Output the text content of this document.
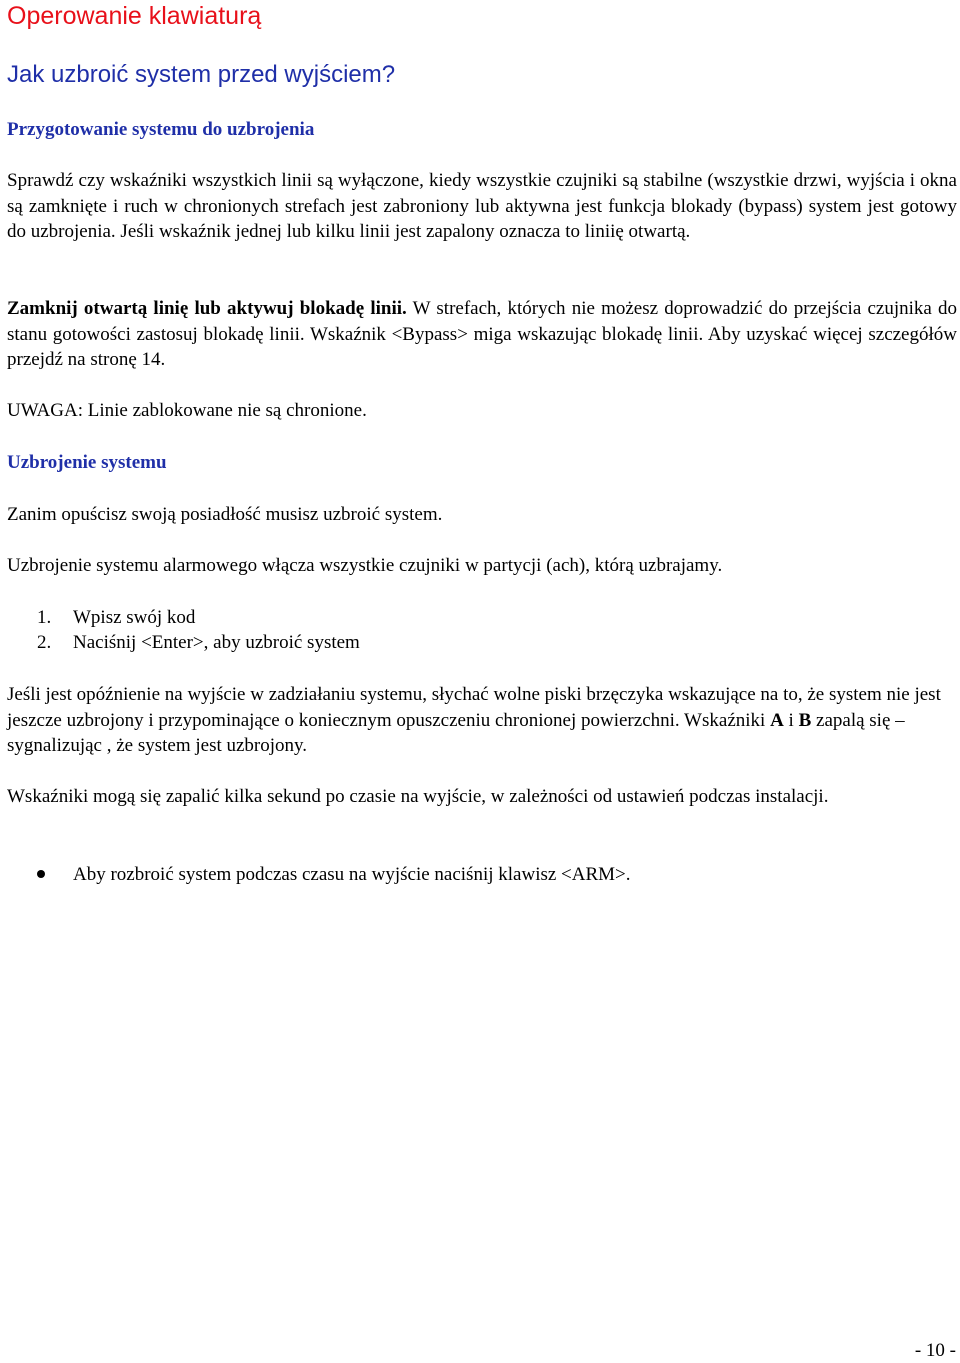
Operowanie klawiaturą
Jak uzbroić system przed wyjściem?
Przygotowanie systemu do uzbrojenia
Sprawdź czy wskaźniki wszystkich linii są wyłączone, kiedy wszystkie czujniki są stabilne (wszystkie drzwi, wyjścia i okna są zamknięte i ruch w chronionych strefach jest zabroniony lub aktywna jest funkcja blokady (bypass) system jest gotowy do uzbrojenia. Jeśli wskaźnik jednej lub kilku linii jest zapalony oznacza to liniię otwartą.
Zamknij otwartą linię lub aktywuj blokadę linii. W strefach, których nie możesz doprowadzić do przejścia czujnika do stanu gotowości zastosuj blokadę linii. Wskaźnik <Bypass> miga wskazując blokadę linii. Aby uzyskać więcej szczegółów przejdź na stronę 14.
UWAGA: Linie zablokowane nie są chronione.
Uzbrojenie systemu
Zanim opuścisz swoją posiadłość musisz uzbroić system.
Uzbrojenie systemu alarmowego włącza wszystkie czujniki w partycji (ach), którą uzbrajamy.
1. Wpisz swój kod
2. Naciśnij <Enter>, aby uzbroić system
Jeśli jest opóźnienie na wyjście w zadziałaniu systemu, słychać wolne piski brzęczyka wskazujące na to, że system nie jest jeszcze uzbrojony i przypominające o koniecznym opuszczeniu chronionej powierzchni. Wskaźniki A i B zapalą się – sygnalizując , że system jest uzbrojony.
Wskaźniki mogą się zapalić kilka sekund po czasie na wyjście, w zależności od ustawień podczas instalacji.
Aby rozbroić system podczas czasu na wyjście naciśnij klawisz <ARM>.
- 10 -
